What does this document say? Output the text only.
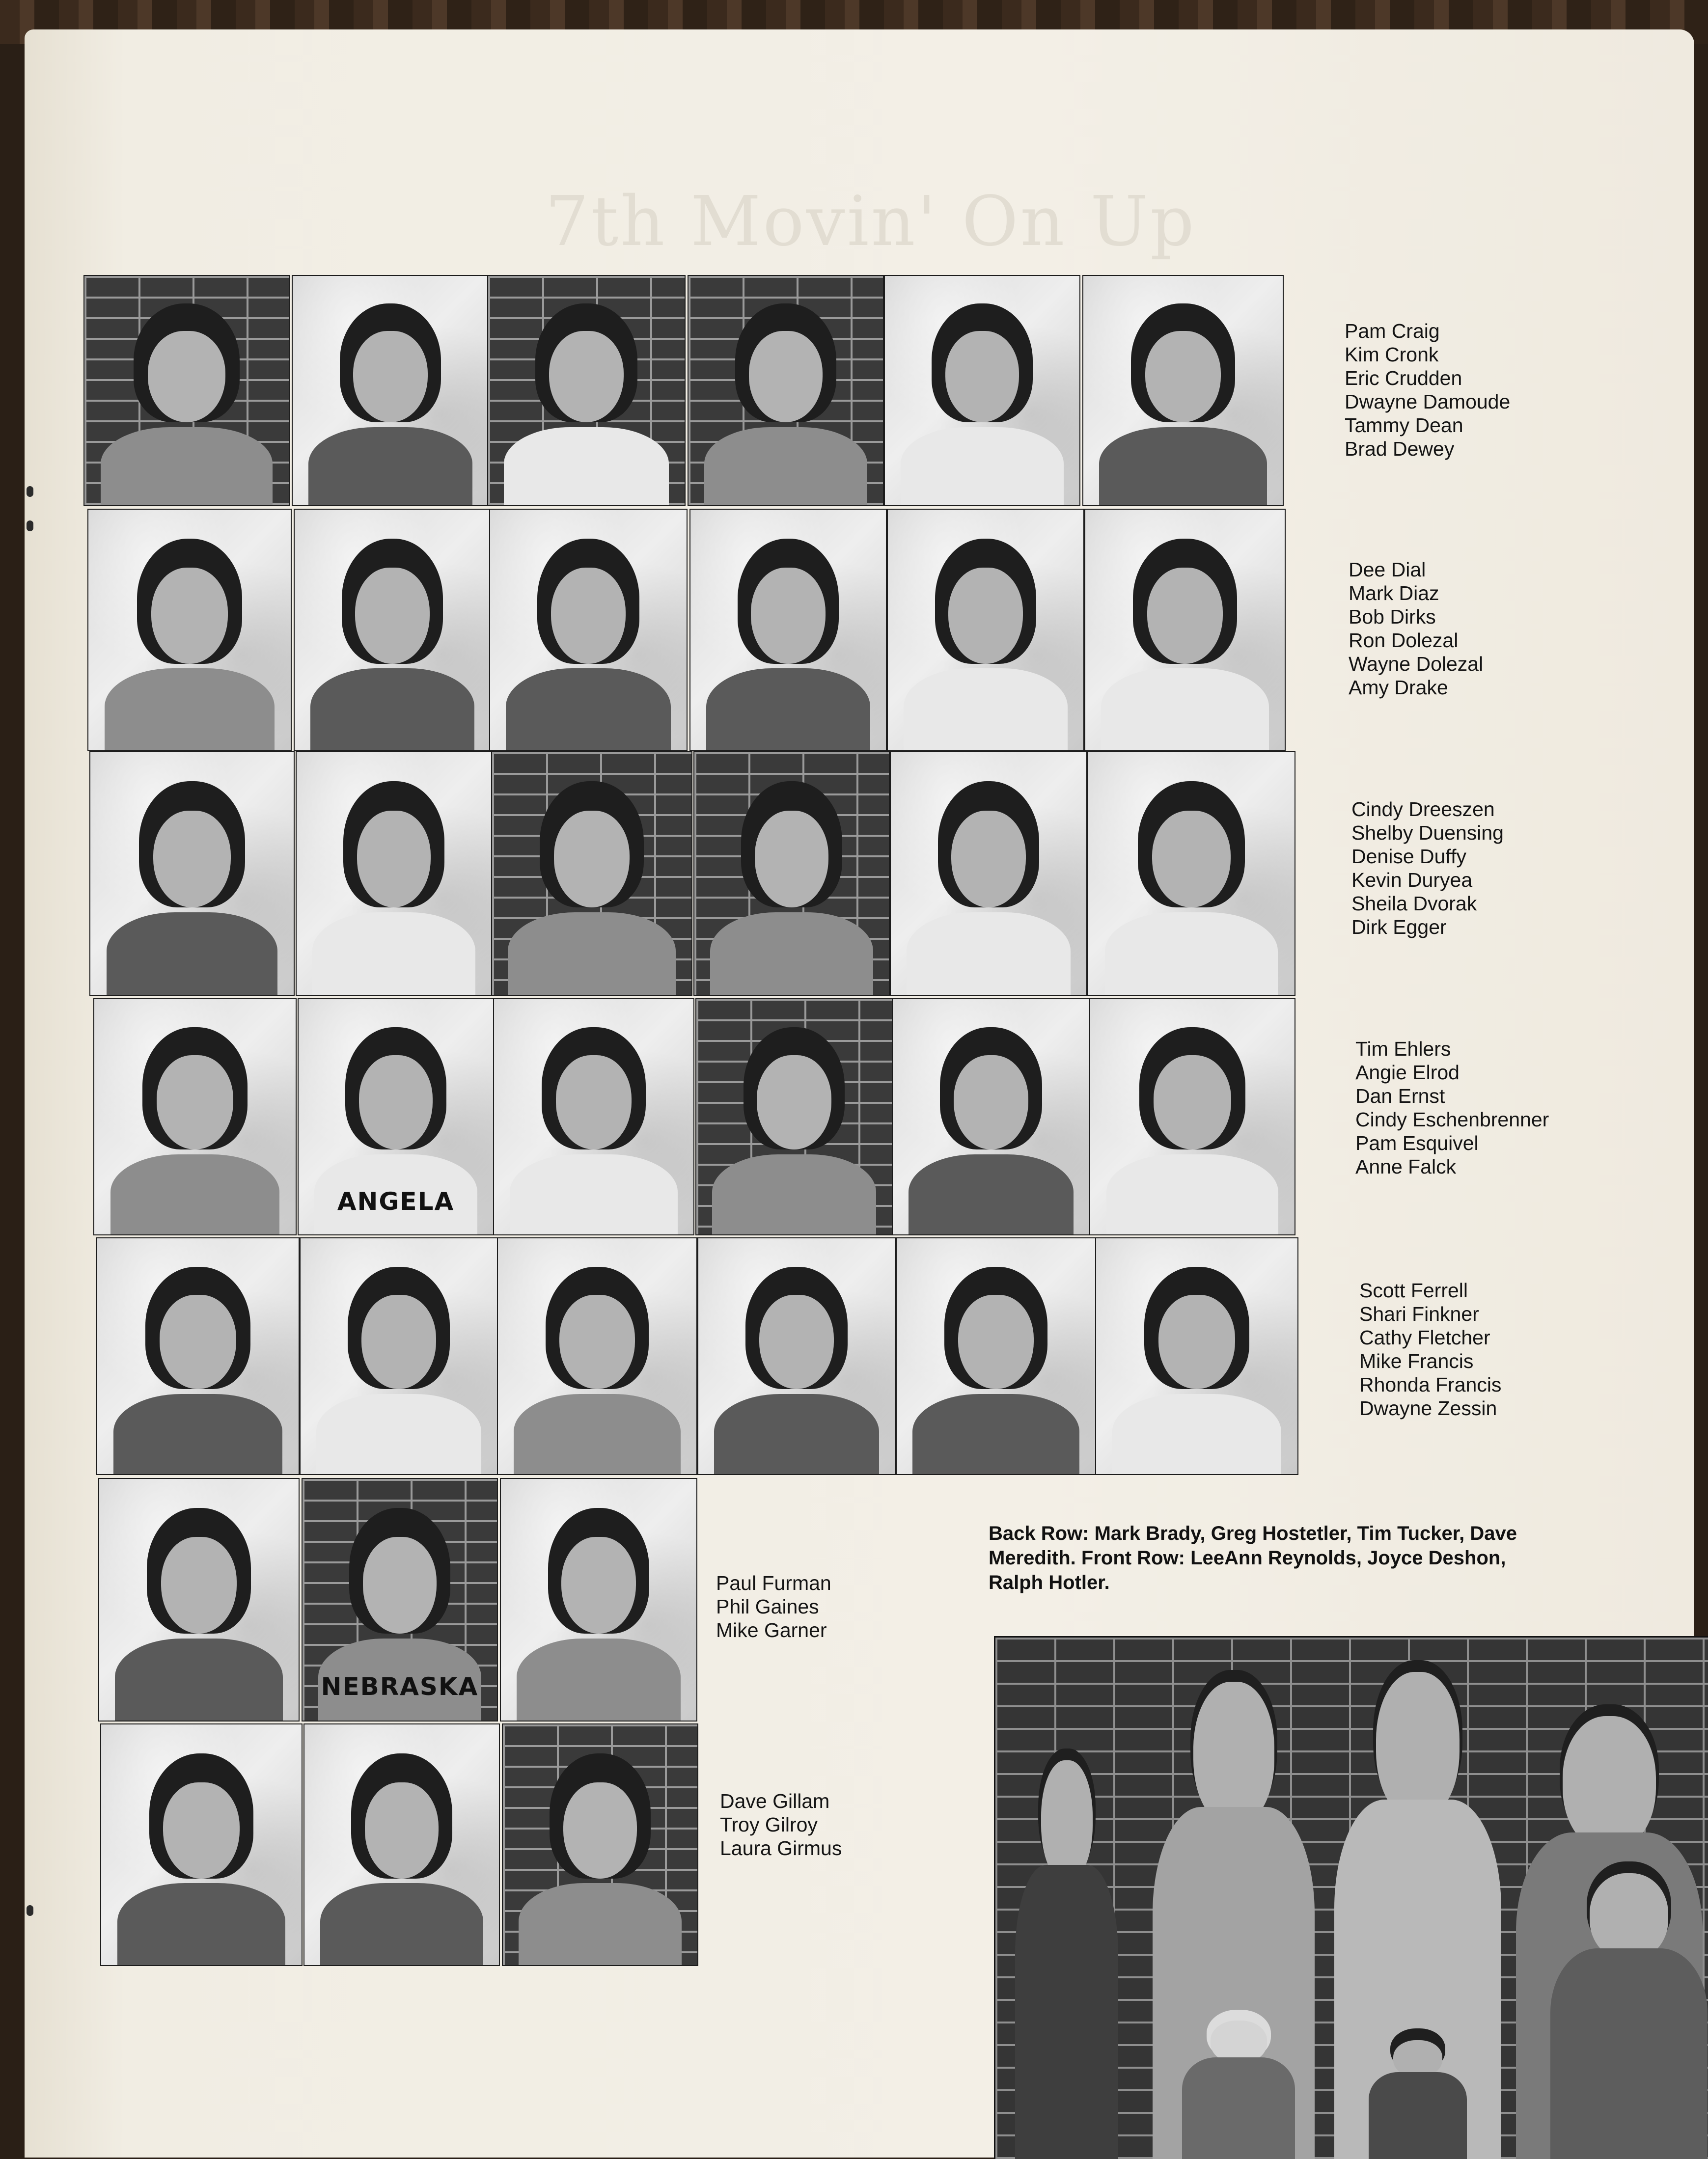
7th Movin' On Up
ANGELA
NEBRASKA
Pam Craig
Kim Cronk
Eric Crudden
Dwayne Damoude
Tammy Dean
Brad Dewey
Dee Dial
Mark Diaz
Bob Dirks
Ron Dolezal
Wayne Dolezal
Amy Drake
Cindy Dreeszen
Shelby Duensing
Denise Duffy
Kevin Duryea
Sheila Dvorak
Dirk Egger
Tim Ehlers
Angie Elrod
Dan Ernst
Cindy Eschenbrenner
Pam Esquivel
Anne Falck
Scott Ferrell
Shari Finkner
Cathy Fletcher
Mike Francis
Rhonda Francis
Dwayne Zessin
Paul Furman
Phil Gaines
Mike Garner
Dave Gillam
Troy Gilroy
Laura Girmus
Back Row: Mark Brady, Greg Hostetler, Tim Tucker, Dave Meredith. Front Row: LeeAnn Reynolds, Joyce Deshon, Ralph Hotler.
